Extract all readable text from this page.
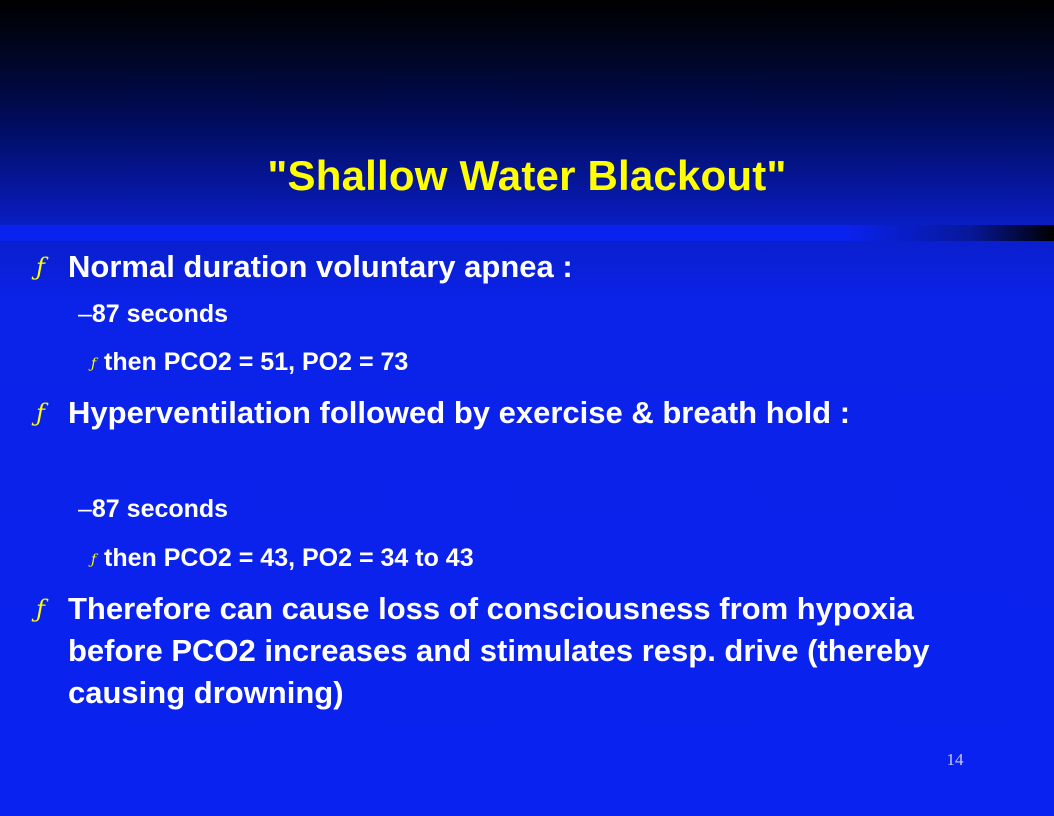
"Shallow Water Blackout"
ƒ Normal duration voluntary apnea :
–87 seconds
ƒ then PCO2 = 51, PO2 = 73
ƒ Hyperventilation followed by exercise & breath hold :
–87 seconds
ƒ then PCO2 = 43, PO2 = 34 to 43
ƒ Therefore can cause loss of consciousness from hypoxia before PCO2 increases and stimulates resp. drive (thereby causing drowning)
14
